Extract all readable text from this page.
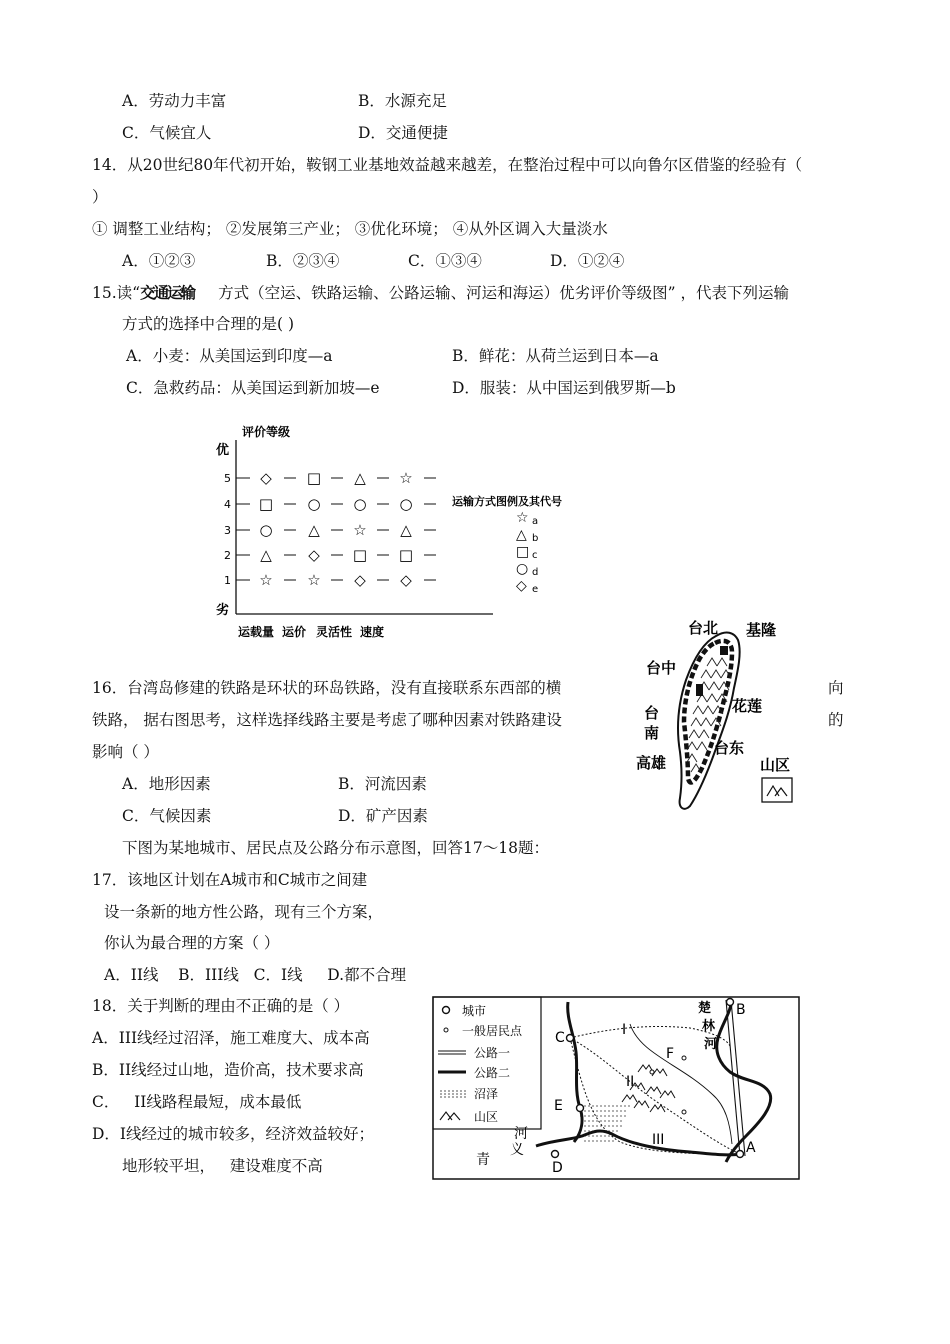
A．劳动力丰富	B．水源充足
C．气候宜人	D．交通便捷
14．从20世纪80年代初开始，鞍钢工业基地效益越来越差，在整治过程中可以向鲁尔区借鉴的经验有（
）
① 调整工业结构； ②发展第三产业； ③优化环境； ④从外区调入大量淡水
A．①②③	B．②③④	C．①③④	D．①②④
15.读“交通运输 方式（空运、铁路运输、公路运输、河运和海运）优劣评价等级图” ，代表下列运输
方式的选择中合理的是( )
A．小麦：从美国运到印度—a	B．鲜花：从荷兰运到日本—a
C．急救药品：从美国运到新加坡—e	D．服装：从中国运到俄罗斯—b
评价等级
优
劣
5
4
3
2
1
◇ □ △ ☆
□ ○ ○ ○
○ △ ☆ △
△ ◇ □ □
☆ ☆ ◇ ◇
运载量 运价 灵活性 速度
运输方式图例及其代号
☆ a
△ b
□ c
○ d
◇ e
16．台湾岛修建的铁路是环状的环岛铁路，没有直接联系东西部的横	向
铁路， 据右图思考，这样选择线路主要是考虑了哪种因素对铁路建设	的
影响（ ）
A．地形因素	B．河流因素
C．气候因素	D．矿产因素
台北 基隆
台中
花莲
台
南
台东
高雄	山区
下图为某地城市、居民点及公路分布示意图，回答17～18题：
17．该地区计划在A城市和C城市之间建
设一条新的地方性公路，现有三个方案，
你认为最合理的方案（ ）
A．II线    B．III线   C．I线     D.都不合理
18．关于判断的理由不正确的是（ ）
A．III线经过沼泽，施工难度大、成本高
B．II线经过山地，造价高，技术要求高
C．   II线路程最短，成本最低
D．I线经过的城市较多，经济效益较好；
地形较平坦，   建设难度不高
城市
一般居民点
公路一
公路二
沼泽
山区
C
B
A
D
E
F
I
II
III
楚
林
河
青
义
河
